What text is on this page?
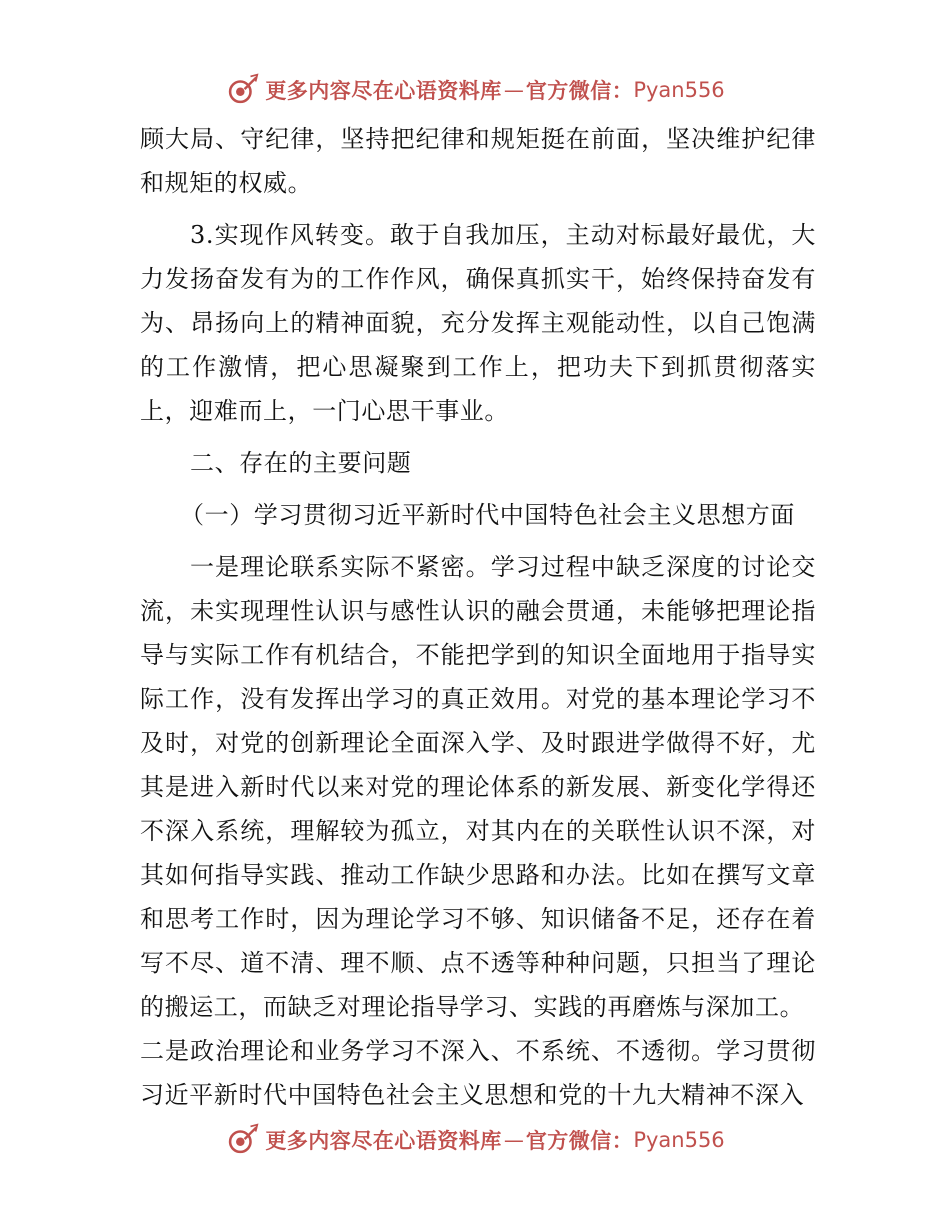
更多内容尽在心语资料库 — 官方微信： Pyan556

顾大局、守纪律，坚持把纪律和规矩挺在前面，坚决维护纪律和规矩的权威。

3.实现作风转变。敢于自我加压，主动对标最好最优，大力发扬奋发有为的工作作风，确保真抓实干，始终保持奋发有为、昂扬向上的精神面貌，充分发挥主观能动性，以自己饱满的工作激情，把心思凝聚到工作上，把功夫下到抓贯彻落实上，迎难而上，一门心思干事业。

二、存在的主要问题

（一）学习贯彻习近平新时代中国特色社会主义思想方面

一是理论联系实际不紧密。学习过程中缺乏深度的讨论交流，未实现理性认识与感性认识的融会贯通，未能够把理论指导与实际工作有机结合，不能把学到的知识全面地用于指导实际工作，没有发挥出学习的真正效用。对党的基本理论学习不及时，对党的创新理论全面深入学、及时跟进学做得不好，尤其是进入新时代以来对党的理论体系的新发展、新变化学得还不深入系统，理解较为孤立，对其内在的关联性认识不深，对其如何指导实践、推动工作缺少思路和办法。比如在撰写文章和思考工作时，因为理论学习不够、知识储备不足，还存在着写不尽、道不清、理不顺、点不透等种种问题，只担当了理论的搬运工，而缺乏对理论指导学习、实践的再磨炼与深加工。

二是政治理论和业务学习不深入、不系统、不透彻。学习贯彻习近平新时代中国特色社会主义思想和党的十九大精神不深入

更多内容尽在心语资料库 — 官方微信： Pyan556
